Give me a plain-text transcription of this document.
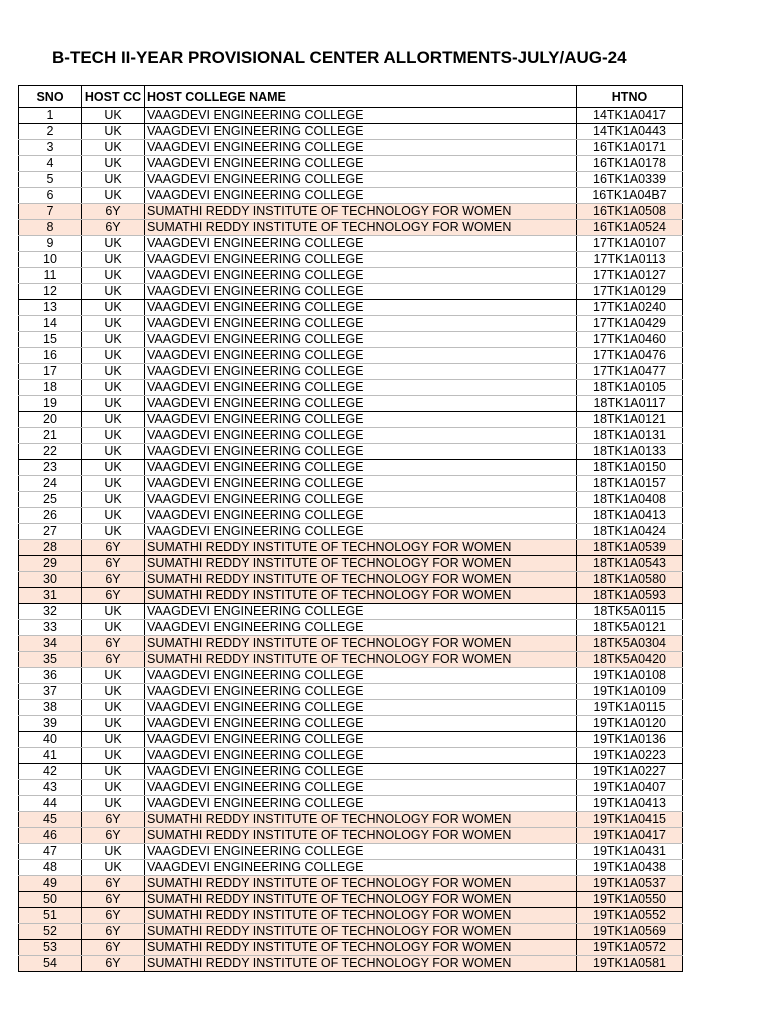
B-TECH II-YEAR PROVISIONAL CENTER ALLORTMENTS-JULY/AUG-24
SNO	HOST CC	HOST COLLEGE NAME	HTNO
1	UK	VAAGDEVI ENGINEERING COLLEGE	14TK1A0417
2	UK	VAAGDEVI ENGINEERING COLLEGE	14TK1A0443
3	UK	VAAGDEVI ENGINEERING COLLEGE	16TK1A0171
4	UK	VAAGDEVI ENGINEERING COLLEGE	16TK1A0178
5	UK	VAAGDEVI ENGINEERING COLLEGE	16TK1A0339
6	UK	VAAGDEVI ENGINEERING COLLEGE	16TK1A04B7
7	6Y	SUMATHI REDDY INSTITUTE OF TECHNOLOGY FOR WOMEN	16TK1A0508
8	6Y	SUMATHI REDDY INSTITUTE OF TECHNOLOGY FOR WOMEN	16TK1A0524
9	UK	VAAGDEVI ENGINEERING COLLEGE	17TK1A0107
10	UK	VAAGDEVI ENGINEERING COLLEGE	17TK1A0113
11	UK	VAAGDEVI ENGINEERING COLLEGE	17TK1A0127
12	UK	VAAGDEVI ENGINEERING COLLEGE	17TK1A0129
13	UK	VAAGDEVI ENGINEERING COLLEGE	17TK1A0240
14	UK	VAAGDEVI ENGINEERING COLLEGE	17TK1A0429
15	UK	VAAGDEVI ENGINEERING COLLEGE	17TK1A0460
16	UK	VAAGDEVI ENGINEERING COLLEGE	17TK1A0476
17	UK	VAAGDEVI ENGINEERING COLLEGE	17TK1A0477
18	UK	VAAGDEVI ENGINEERING COLLEGE	18TK1A0105
19	UK	VAAGDEVI ENGINEERING COLLEGE	18TK1A0117
20	UK	VAAGDEVI ENGINEERING COLLEGE	18TK1A0121
21	UK	VAAGDEVI ENGINEERING COLLEGE	18TK1A0131
22	UK	VAAGDEVI ENGINEERING COLLEGE	18TK1A0133
23	UK	VAAGDEVI ENGINEERING COLLEGE	18TK1A0150
24	UK	VAAGDEVI ENGINEERING COLLEGE	18TK1A0157
25	UK	VAAGDEVI ENGINEERING COLLEGE	18TK1A0408
26	UK	VAAGDEVI ENGINEERING COLLEGE	18TK1A0413
27	UK	VAAGDEVI ENGINEERING COLLEGE	18TK1A0424
28	6Y	SUMATHI REDDY INSTITUTE OF TECHNOLOGY FOR WOMEN	18TK1A0539
29	6Y	SUMATHI REDDY INSTITUTE OF TECHNOLOGY FOR WOMEN	18TK1A0543
30	6Y	SUMATHI REDDY INSTITUTE OF TECHNOLOGY FOR WOMEN	18TK1A0580
31	6Y	SUMATHI REDDY INSTITUTE OF TECHNOLOGY FOR WOMEN	18TK1A0593
32	UK	VAAGDEVI ENGINEERING COLLEGE	18TK5A0115
33	UK	VAAGDEVI ENGINEERING COLLEGE	18TK5A0121
34	6Y	SUMATHI REDDY INSTITUTE OF TECHNOLOGY FOR WOMEN	18TK5A0304
35	6Y	SUMATHI REDDY INSTITUTE OF TECHNOLOGY FOR WOMEN	18TK5A0420
36	UK	VAAGDEVI ENGINEERING COLLEGE	19TK1A0108
37	UK	VAAGDEVI ENGINEERING COLLEGE	19TK1A0109
38	UK	VAAGDEVI ENGINEERING COLLEGE	19TK1A0115
39	UK	VAAGDEVI ENGINEERING COLLEGE	19TK1A0120
40	UK	VAAGDEVI ENGINEERING COLLEGE	19TK1A0136
41	UK	VAAGDEVI ENGINEERING COLLEGE	19TK1A0223
42	UK	VAAGDEVI ENGINEERING COLLEGE	19TK1A0227
43	UK	VAAGDEVI ENGINEERING COLLEGE	19TK1A0407
44	UK	VAAGDEVI ENGINEERING COLLEGE	19TK1A0413
45	6Y	SUMATHI REDDY INSTITUTE OF TECHNOLOGY FOR WOMEN	19TK1A0415
46	6Y	SUMATHI REDDY INSTITUTE OF TECHNOLOGY FOR WOMEN	19TK1A0417
47	UK	VAAGDEVI ENGINEERING COLLEGE	19TK1A0431
48	UK	VAAGDEVI ENGINEERING COLLEGE	19TK1A0438
49	6Y	SUMATHI REDDY INSTITUTE OF TECHNOLOGY FOR WOMEN	19TK1A0537
50	6Y	SUMATHI REDDY INSTITUTE OF TECHNOLOGY FOR WOMEN	19TK1A0550
51	6Y	SUMATHI REDDY INSTITUTE OF TECHNOLOGY FOR WOMEN	19TK1A0552
52	6Y	SUMATHI REDDY INSTITUTE OF TECHNOLOGY FOR WOMEN	19TK1A0569
53	6Y	SUMATHI REDDY INSTITUTE OF TECHNOLOGY FOR WOMEN	19TK1A0572
54	6Y	SUMATHI REDDY INSTITUTE OF TECHNOLOGY FOR WOMEN	19TK1A0581
